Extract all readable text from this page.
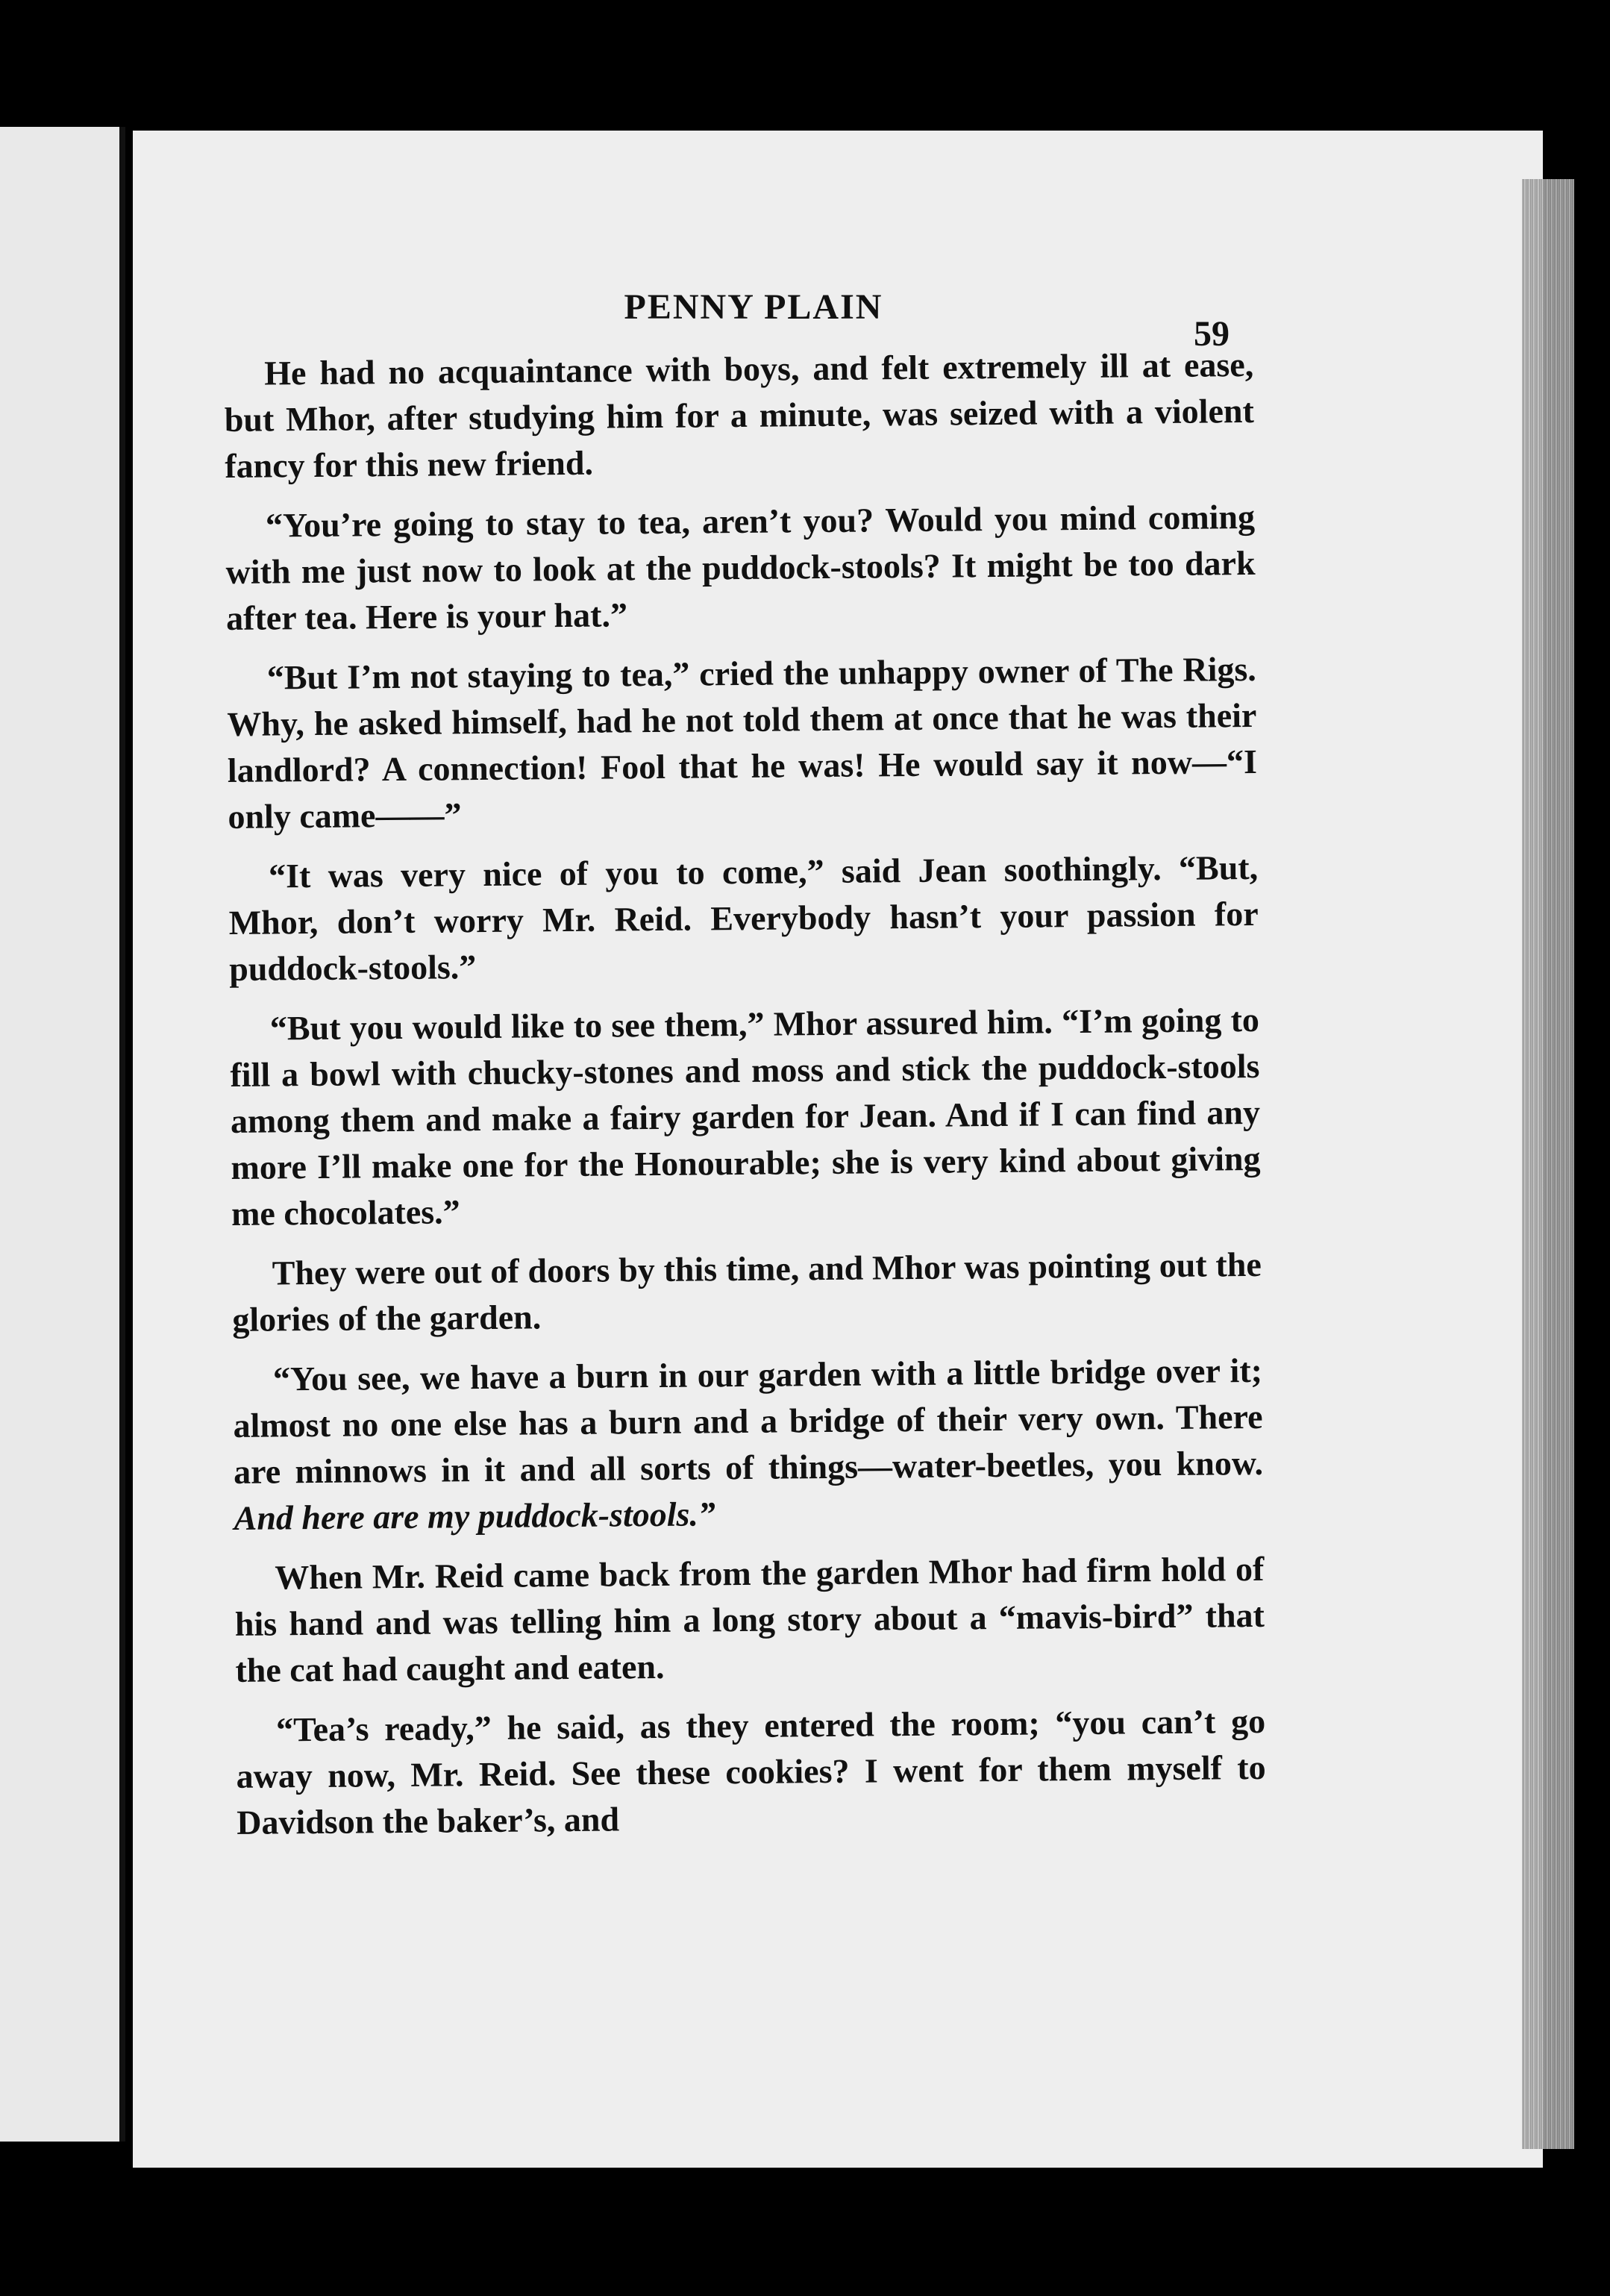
PENNY PLAIN
59

He had no acquaintance with boys, and felt extremely ill at ease, but Mhor, after studying him for a minute, was seized with a violent fancy for this new friend.

“You’re going to stay to tea, aren’t you? Would you mind coming with me just now to look at the puddock-stools? It might be too dark after tea. Here is your hat.”

“But I’m not staying to tea,” cried the unhappy owner of The Rigs. Why, he asked himself, had he not told them at once that he was their landlord? A connection! Fool that he was! He would say it now—“I only came——”

“It was very nice of you to come,” said Jean soothingly. “But, Mhor, don’t worry Mr. Reid. Everybody hasn’t your passion for puddock-stools.”

“But you would like to see them,” Mhor assured him. “I’m going to fill a bowl with chucky-stones and moss and stick the puddock-stools among them and make a fairy garden for Jean. And if I can find any more I’ll make one for the Honourable; she is very kind about giving me chocolates.”

They were out of doors by this time, and Mhor was pointing out the glories of the garden.

“You see, we have a burn in our garden with a little bridge over it; almost no one else has a burn and a bridge of their very own. There are minnows in it and all sorts of things—water-beetles, you know. And here are my puddock-stools.”

When Mr. Reid came back from the garden Mhor had firm hold of his hand and was telling him a long story about a “mavis-bird” that the cat had caught and eaten.

“Tea’s ready,” he said, as they entered the room; “you can’t go away now, Mr. Reid. See these cookies? I went for them myself to Davidson the baker’s, and
